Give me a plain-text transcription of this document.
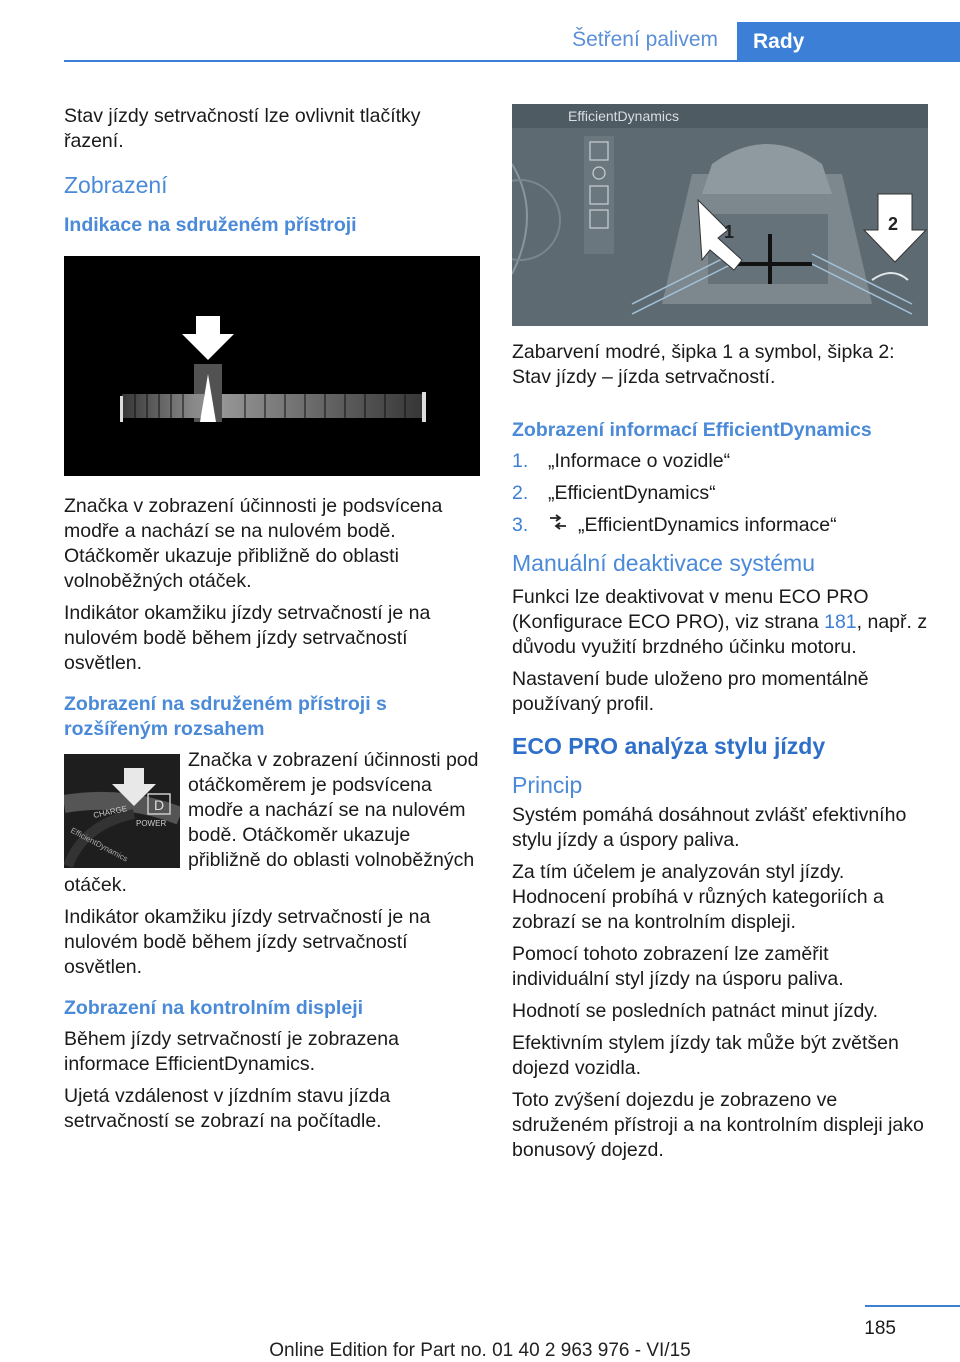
Šetření palivem	Rady

Stav jízdy setrvačností lze ovlivnit tlačítky řazení.

Zobrazení
Indikace na sdruženém přístroji

Značka v zobrazení účinnosti je podsvícena modře a nachází se na nulovém bodě. Otáčkoměr ukazuje přibližně do oblasti volnoběžných otáček.

Indikátor okamžiku jízdy setrvačností je na nulovém bodě během jízdy setrvačností osvětlen.

Zobrazení na sdruženém přístroji s rozšířeným rozsahem
D
CHARGE
POWER
EfficientDynamics

Značka v zobrazení účinnosti pod otáčkoměrem je podsvícena modře a nachází se na nulovém bodě. Otáčkoměr ukazuje přibližně do oblasti volnoběžných otáček.

Indikátor okamžiku jízdy setrvačností je na nulovém bodě během jízdy setrvačností osvětlen.

Zobrazení na kontrolním displeji

Během jízdy setrvačností je zobrazena informace EfficientDynamics.

Ujetá vzdálenost v jízdním stavu jízda setrvačností se zobrazí na počítadle.

EfficientDynamics
1	2

Zabarvení modré, šipka 1 a symbol, šipka 2: Stav jízdy – jízda setrvačností.

Zobrazení informací EfficientDynamics
1.	„Informace o vozidle“
2.	„EfficientDynamics“
3.	„EfficientDynamics informace“
Manuální deaktivace systému

Funkci lze deaktivovat v menu ECO PRO (Konfigurace ECO PRO), viz strana 181, např. z důvodu využití brzdného účinku motoru.

Nastavení bude uloženo pro momentálně používaný profil.

ECO PRO analýza stylu jízdy
Princip

Systém pomáhá dosáhnout zvlášť efektivního stylu jízdy a úspory paliva.

Za tím účelem je analyzován styl jízdy. Hodnocení probíhá v různých kategoriích a zobrazí se na kontrolním displeji.

Pomocí tohoto zobrazení lze zaměřit individuální styl jízdy na úsporu paliva.

Hodnotí se posledních patnáct minut jízdy.

Efektivním stylem jízdy tak může být zvětšen dojezd vozidla.

Toto zvýšení dojezdu je zobrazeno ve sdruženém přístroji a na kontrolním displeji jako bonusový dojezd.

185
Online Edition for Part no. 01 40 2 963 976 - VI/15
